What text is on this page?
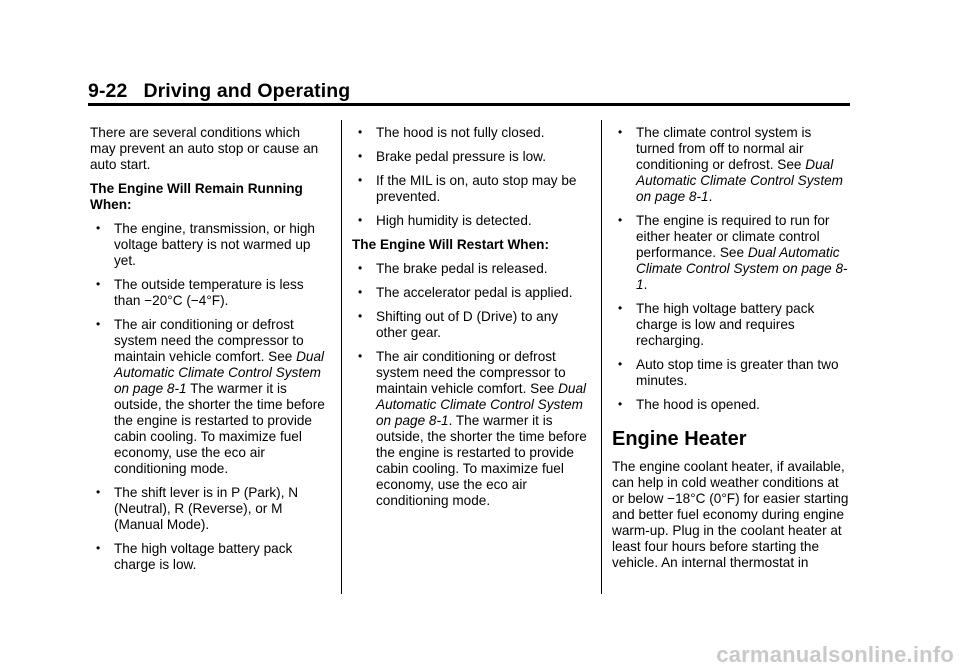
9-22 Driving and Operating

There are several conditions which may prevent an auto stop or cause an auto start.

The Engine Will Remain Running When:
• The engine, transmission, or high voltage battery is not warmed up yet.
• The outside temperature is less than −20°C (−4°F).
• The air conditioning or defrost system need the compressor to maintain vehicle comfort. See Dual Automatic Climate Control System on page 8-1 The warmer it is outside, the shorter the time before the engine is restarted to provide cabin cooling. To maximize fuel economy, use the eco air conditioning mode.
• The shift lever is in P (Park), N (Neutral), R (Reverse), or M (Manual Mode).
• The high voltage battery pack charge is low.
• The hood is not fully closed.
• Brake pedal pressure is low.
• If the MIL is on, auto stop may be prevented.
• High humidity is detected.
The Engine Will Restart When:
• The brake pedal is released.
• The accelerator pedal is applied.
• Shifting out of D (Drive) to any other gear.
• The air conditioning or defrost system need the compressor to maintain vehicle comfort. See Dual Automatic Climate Control System on page 8-1. The warmer it is outside, the shorter the time before the engine is restarted to provide cabin cooling. To maximize fuel economy, use the eco air conditioning mode.
• The climate control system is turned from off to normal air conditioning or defrost. See Dual Automatic Climate Control System on page 8-1.
• The engine is required to run for either heater or climate control performance. See Dual Automatic Climate Control System on page 8-1.
• The high voltage battery pack charge is low and requires recharging.
• Auto stop time is greater than two minutes.
• The hood is opened.
Engine Heater

The engine coolant heater, if available, can help in cold weather conditions at or below −18°C (0°F) for easier starting and better fuel economy during engine warm-up. Plug in the coolant heater at least four hours before starting the vehicle. An internal thermostat in

carmanualsonline.info
